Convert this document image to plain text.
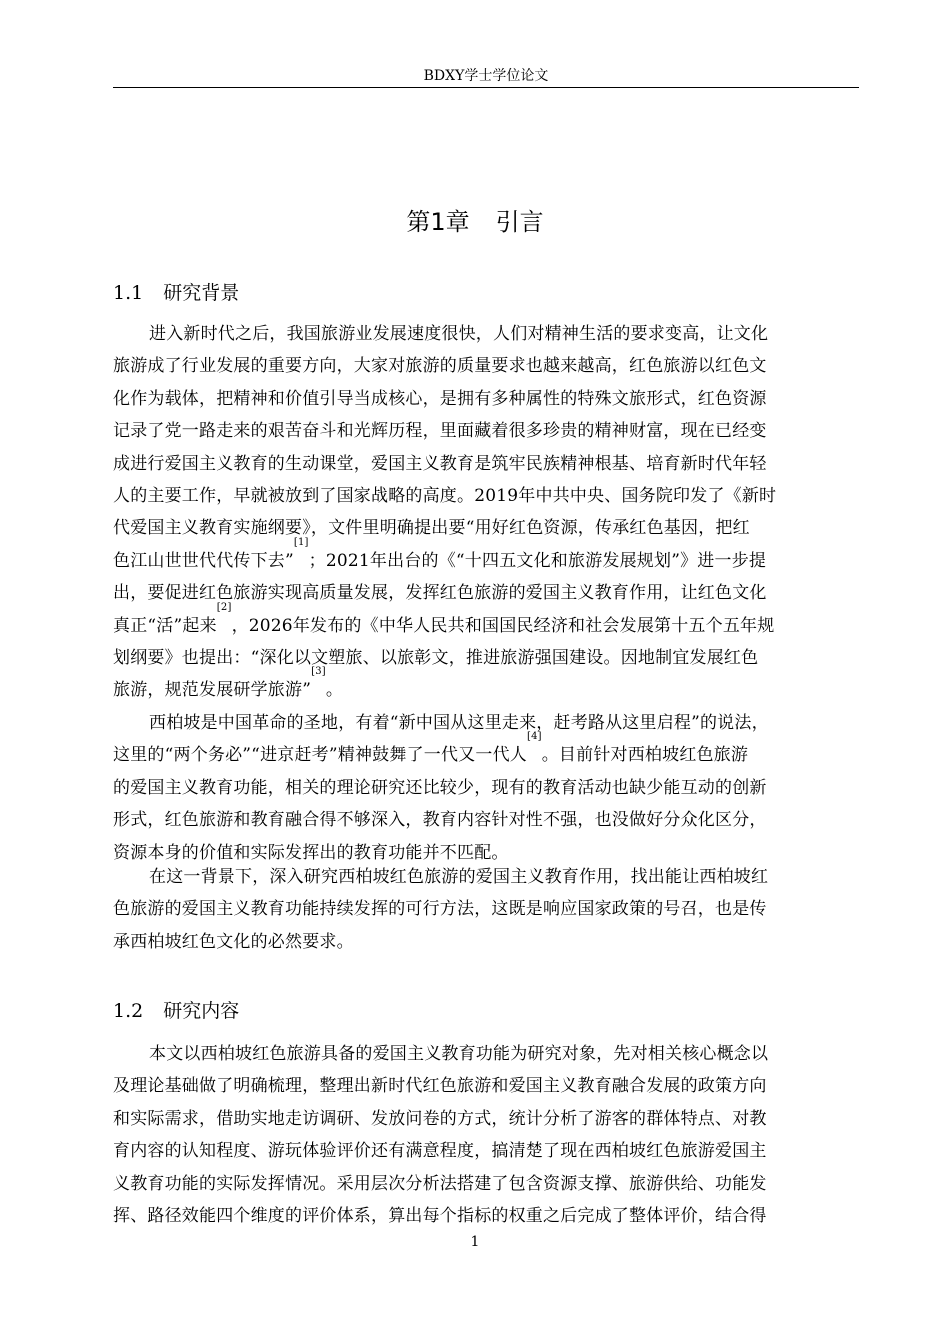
BDXY学士学位论文
第1章 引言
1.1 研究背景
进入新时代之后，我国旅游业发展速度很快，人们对精神生活的要求变高，让文化
旅游成了行业发展的重要方向，大家对旅游的质量要求也越来越高，红色旅游以红色文
化作为载体，把精神和价值引导当成核心，是拥有多种属性的特殊文旅形式，红色资源
记录了党一路走来的艰苦奋斗和光辉历程，里面藏着很多珍贵的精神财富，现在已经变
成进行爱国主义教育的生动课堂，爱国主义教育是筑牢民族精神根基、培育新时代年轻
人的主要工作，早就被放到了国家战略的高度。2019年中共中央、国务院印发了《新时
代爱国主义教育实施纲要》，文件里明确提出要“用好红色资源，传承红色基因，把红
色江山世世代代传下去”[1]；2021年出台的《“十四五文化和旅游发展规划”》进一步提
出，要促进红色旅游实现高质量发展，发挥红色旅游的爱国主义教育作用，让红色文化
真正“活”起来[2]，2026年发布的《中华人民共和国国民经济和社会发展第十五个五年规
划纲要》也提出：“深化以文塑旅、以旅彰文，推进旅游强国建设。因地制宜发展红色
旅游，规范发展研学旅游”[3]。
西柏坡是中国革命的圣地，有着“新中国从这里走来，赶考路从这里启程”的说法，
这里的“两个务必”“进京赶考”精神鼓舞了一代又一代人[4]。目前针对西柏坡红色旅游
的爱国主义教育功能，相关的理论研究还比较少，现有的教育活动也缺少能互动的创新
形式，红色旅游和教育融合得不够深入，教育内容针对性不强，也没做好分众化区分，
资源本身的价值和实际发挥出的教育功能并不匹配。
在这一背景下，深入研究西柏坡红色旅游的爱国主义教育作用，找出能让西柏坡红
色旅游的爱国主义教育功能持续发挥的可行方法，这既是响应国家政策的号召，也是传
承西柏坡红色文化的必然要求。
1.2 研究内容
本文以西柏坡红色旅游具备的爱国主义教育功能为研究对象，先对相关核心概念以
及理论基础做了明确梳理，整理出新时代红色旅游和爱国主义教育融合发展的政策方向
和实际需求，借助实地走访调研、发放问卷的方式，统计分析了游客的群体特点、对教
育内容的认知程度、游玩体验评价还有满意程度，搞清楚了现在西柏坡红色旅游爱国主
义教育功能的实际发挥情况。采用层次分析法搭建了包含资源支撑、旅游供给、功能发
挥、路径效能四个维度的评价体系，算出每个指标的权重之后完成了整体评价，结合得
1
